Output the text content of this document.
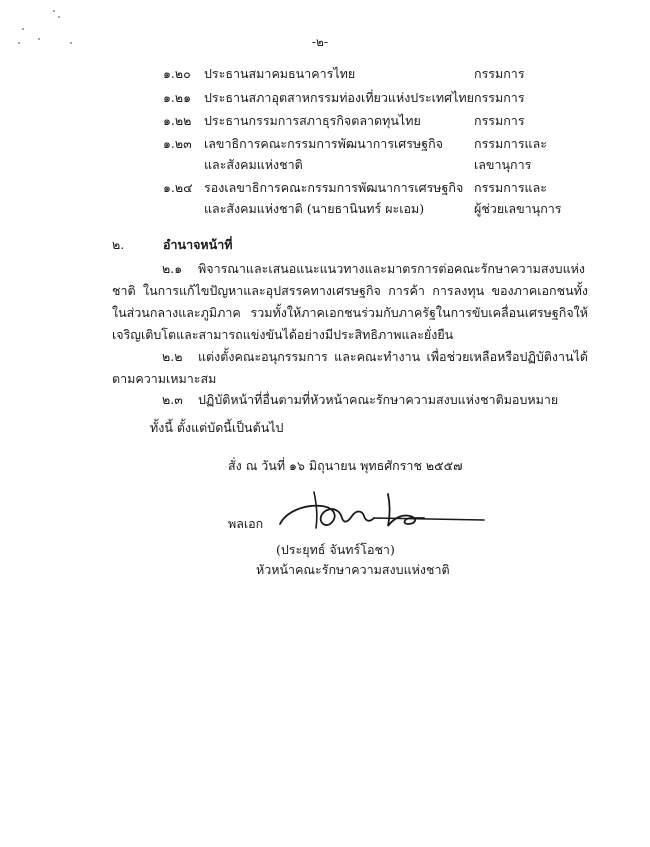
-๒-
๑.๒๐ ประธานสมาคมธนาคารไทย	กรรมการ
๑.๒๑ ประธานสภาอุตสาหกรรมท่องเที่ยวแห่งประเทศไทย กรรมการ
๑.๒๒ ประธานกรรมการสภาธุรกิจตลาดทุนไทย	กรรมการ
๑.๒๓ เลขาธิการคณะกรรมการพัฒนาการเศรษฐกิจ กรรมการและ
และสังคมแห่งชาติ	เลขานุการ
๑.๒๔ รองเลขาธิการคณะกรรมการพัฒนาการเศรษฐกิจ กรรมการและ
และสังคมแห่งชาติ (นายธานินทร์ ผะเอม)	ผู้ช่วยเลขานุการ
๒.	อำนาจหน้าที่
๒.๑ พิจารณาและเสนอแนะแนวทางและมาตรการต่อคณะรักษาความสงบแห่งชาติ ในการแก้ไขปัญหาและอุปสรรคทางเศรษฐกิจ การค้า การลงทุน ของภาคเอกชนทั้งในส่วนกลางและภูมิภาค รวมทั้งให้ภาคเอกชนร่วมกับภาครัฐในการขับเคลื่อนเศรษฐกิจให้เจริญเติบโตและสามารถแข่งขันได้อย่างมีประสิทธิภาพและยั่งยืน
๒.๒ แต่งตั้งคณะอนุกรรมการ และคณะทำงาน เพื่อช่วยเหลือหรือปฏิบัติงานได้ตามความเหมาะสม
๒.๓ ปฏิบัติหน้าที่อื่นตามที่หัวหน้าคณะรักษาความสงบแห่งชาติมอบหมาย
ทั้งนี้ ตั้งแต่บัดนี้เป็นต้นไป
สั่ง ณ วันที่ ๑๖ มิถุนายน พุทธศักราช ๒๕๕๗
พลเอก
(ประยุทธ์ จันทร์โอชา)
หัวหน้าคณะรักษาความสงบแห่งชาติ
